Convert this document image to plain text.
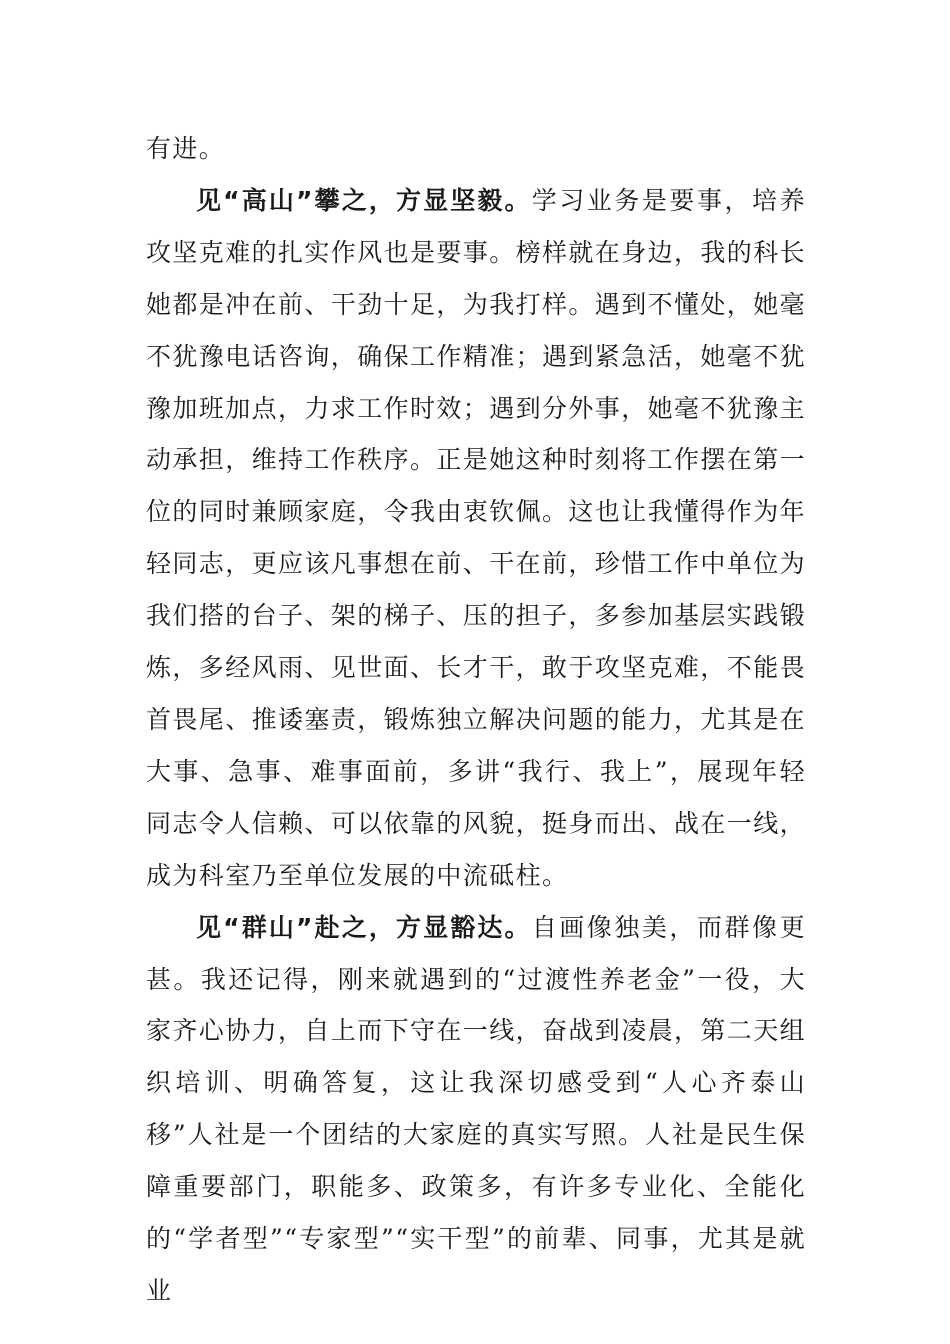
有进。

见“高山”攀之，方显坚毅。学习业务是要事，培养攻坚克难的扎实作风也是要事。榜样就在身边，我的科长她都是冲在前、干劲十足，为我打样。遇到不懂处，她毫不犹豫电话咨询，确保工作精准；遇到紧急活，她毫不犹豫加班加点，力求工作时效；遇到分外事，她毫不犹豫主动承担，维持工作秩序。正是她这种时刻将工作摆在第一位的同时兼顾家庭，令我由衷钦佩。这也让我懂得作为年轻同志，更应该凡事想在前、干在前，珍惜工作中单位为我们搭的台子、架的梯子、压的担子，多参加基层实践锻炼，多经风雨、见世面、长才干，敢于攻坚克难，不能畏首畏尾、推诿塞责，锻炼独立解决问题的能力，尤其是在大事、急事、难事面前，多讲“我行、我上”，展现年轻同志令人信赖、可以依靠的风貌，挺身而出、战在一线，成为科室乃至单位发展的中流砥柱。

见“群山”赴之，方显豁达。自画像独美，而群像更甚。我还记得，刚来就遇到的“过渡性养老金”一役，大家齐心协力，自上而下守在一线，奋战到凌晨，第二天组织培训、明确答复，这让我深切感受到“人心齐泰山移”人社是一个团结的大家庭的真实写照。人社是民生保障重要部门，职能多、政策多，有许多专业化、全能化的“学者型”“专家型”“实干型”的前辈、同事，尤其是就业
